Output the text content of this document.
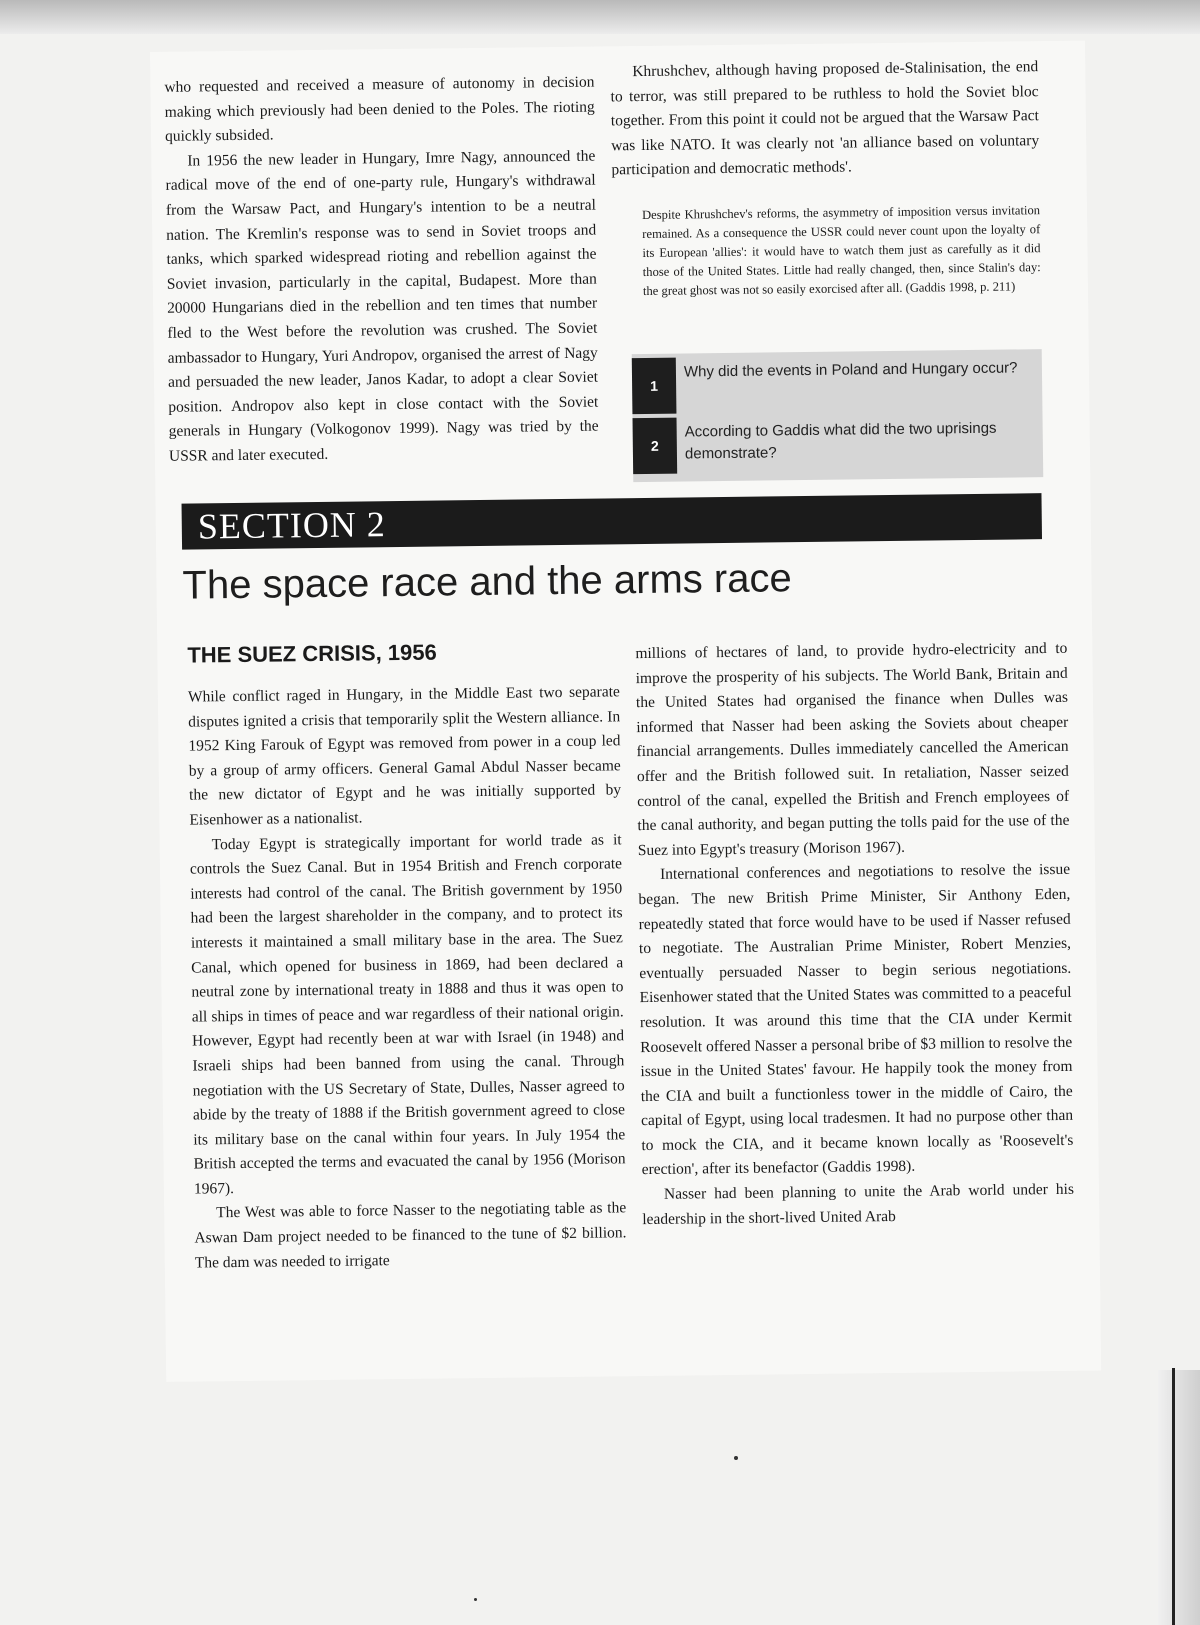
who requested and received a measure of autonomy in decision making which previously had been denied to the Poles. The rioting quickly subsided.

In 1956 the new leader in Hungary, Imre Nagy, announced the radical move of the end of one-party rule, Hungary's withdrawal from the Warsaw Pact, and Hungary's intention to be a neutral nation. The Kremlin's response was to send in Soviet troops and tanks, which sparked widespread rioting and rebellion against the Soviet invasion, particularly in the capital, Budapest. More than 20000 Hungarians died in the rebellion and ten times that number fled to the West before the revolution was crushed. The Soviet ambassador to Hungary, Yuri Andropov, organised the arrest of Nagy and persuaded the new leader, Janos Kadar, to adopt a clear Soviet position. Andropov also kept in close contact with the Soviet generals in Hungary (Volkogonov 1999). Nagy was tried by the USSR and later executed.

Khrushchev, although having proposed de-Stalinisation, the end to terror, was still prepared to be ruthless to hold the Soviet bloc together. From this point it could not be argued that the Warsaw Pact was like NATO. It was clearly not 'an alliance based on voluntary participation and democratic methods'.

Despite Khrushchev's reforms, the asymmetry of imposition versus invitation remained. As a consequence the USSR could never count upon the loyalty of its European 'allies': it would have to watch them just as carefully as it did those of the United States. Little had really changed, then, since Stalin's day: the great ghost was not so easily exorcised after all. (Gaddis 1998, p. 211)
1
Why did the events in Poland and Hungary occur?
2
According to Gaddis what did the two uprisings demonstrate?
SECTION 2
The space race and the arms race
THE SUEZ CRISIS, 1956

While conflict raged in Hungary, in the Middle East two separate disputes ignited a crisis that temporarily split the Western alliance. In 1952 King Farouk of Egypt was removed from power in a coup led by a group of army officers. General Gamal Abdul Nasser became the new dictator of Egypt and he was initially supported by Eisenhower as a nationalist.

Today Egypt is strategically important for world trade as it controls the Suez Canal. But in 1954 British and French corporate interests had control of the canal. The British government by 1950 had been the largest shareholder in the company, and to protect its interests it maintained a small military base in the area. The Suez Canal, which opened for business in 1869, had been declared a neutral zone by international treaty in 1888 and thus it was open to all ships in times of peace and war regardless of their national origin. However, Egypt had recently been at war with Israel (in 1948) and Israeli ships had been banned from using the canal. Through negotiation with the US Secretary of State, Dulles, Nasser agreed to abide by the treaty of 1888 if the British government agreed to close its military base on the canal within four years. In July 1954 the British accepted the terms and evacuated the canal by 1956 (Morison 1967).

The West was able to force Nasser to the negotiating table as the Aswan Dam project needed to be financed to the tune of $2 billion. The dam was needed to irrigate

millions of hectares of land, to provide hydro-electricity and to improve the prosperity of his subjects. The World Bank, Britain and the United States had organised the finance when Dulles was informed that Nasser had been asking the Soviets about cheaper financial arrangements. Dulles immediately cancelled the American offer and the British followed suit. In retaliation, Nasser seized control of the canal, expelled the British and French employees of the canal authority, and began putting the tolls paid for the use of the Suez into Egypt's treasury (Morison 1967).

International conferences and negotiations to resolve the issue began. The new British Prime Minister, Sir Anthony Eden, repeatedly stated that force would have to be used if Nasser refused to negotiate. The Australian Prime Minister, Robert Menzies, eventually persuaded Nasser to begin serious negotiations. Eisenhower stated that the United States was committed to a peaceful resolution. It was around this time that the CIA under Kermit Roosevelt offered Nasser a personal bribe of $3 million to resolve the issue in the United States' favour. He happily took the money from the CIA and built a functionless tower in the middle of Cairo, the capital of Egypt, using local tradesmen. It had no purpose other than to mock the CIA, and it became known locally as 'Roosevelt's erection', after its benefactor (Gaddis 1998).

Nasser had been planning to unite the Arab world under his leadership in the short-lived United Arab
